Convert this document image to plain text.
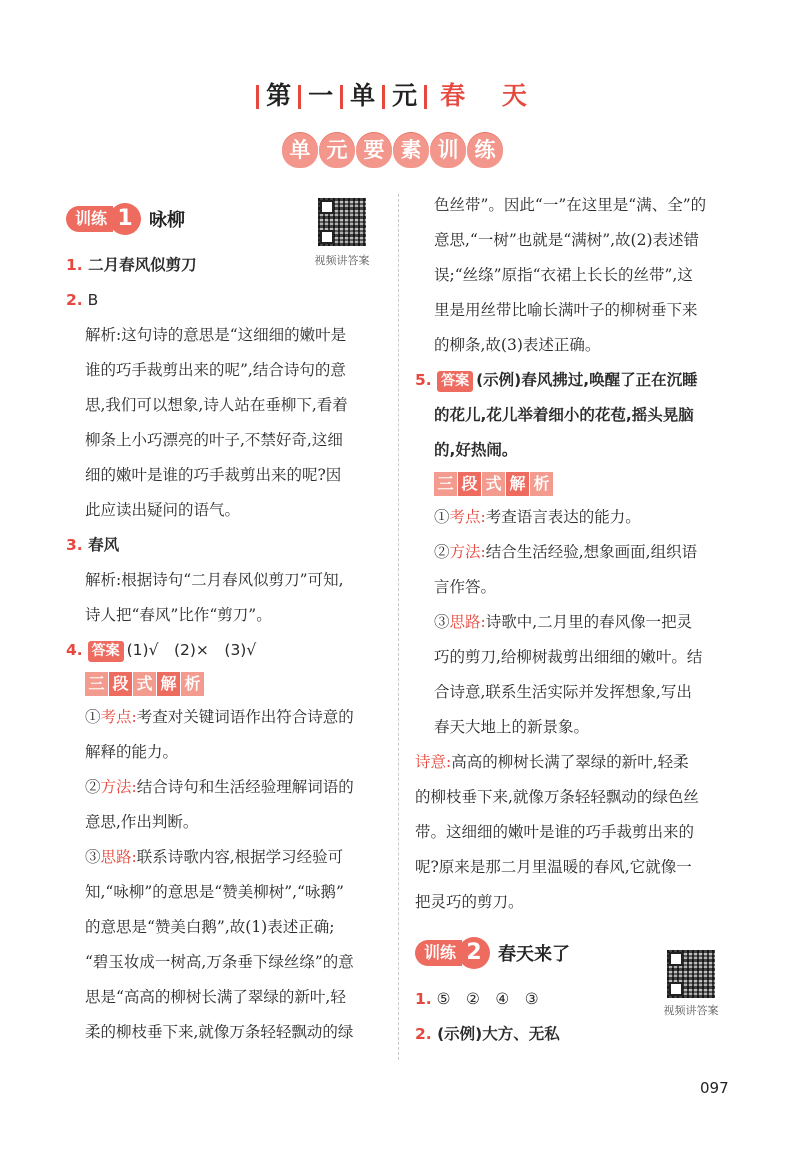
第 一 单 元 春 天
单 元 要 素 训 练
视频讲答案
视频讲答案
训练 1 咏柳

1. 二月春风似剪刀

2. B

解析:这句诗的意思是“这细细的嫩叶是

谁的巧手裁剪出来的呢”,结合诗句的意

思,我们可以想象,诗人站在垂柳下,看着

柳条上小巧漂亮的叶子,不禁好奇,这细

细的嫩叶是谁的巧手裁剪出来的呢?因

此应读出疑问的语气。

3. 春风

解析:根据诗句“二月春风似剪刀”可知,

诗人把“春风”比作“剪刀”。

4. 答案 (1)√　(2)×　(3)√

三 段 式 解 析

①考点:考查对关键词语作出符合诗意的

解释的能力。

②方法:结合诗句和生活经验理解词语的

意思,作出判断。

③思路:联系诗歌内容,根据学习经验可

知,“咏柳”的意思是“赞美柳树”,“咏鹅”

的意思是“赞美白鹅”,故(1)表述正确;

“碧玉妆成一树高,万条垂下绿丝绦”的意

思是“高高的柳树长满了翠绿的新叶,轻

柔的柳枝垂下来,就像万条轻轻飘动的绿

色丝带”。因此“一”在这里是“满、全”的

意思,“一树”也就是“满树”,故(2)表述错

误;“丝绦”原指“衣裙上长长的丝带”,这

里是用丝带比喻长满叶子的柳树垂下来

的柳条,故(3)表述正确。

5. 答案 (示例)春风拂过,唤醒了正在沉睡

的花儿,花儿举着细小的花苞,摇头晃脑

的,好热闹。

三 段 式 解 析

①考点:考查语言表达的能力。

②方法:结合生活经验,想象画面,组织语

言作答。

③思路:诗歌中,二月里的春风像一把灵

巧的剪刀,给柳树裁剪出细细的嫩叶。结

合诗意,联系生活实际并发挥想象,写出

春天大地上的新景象。

诗意:高高的柳树长满了翠绿的新叶,轻柔

的柳枝垂下来,就像万条轻轻飘动的绿色丝

带。这细细的嫩叶是谁的巧手裁剪出来的

呢?原来是那二月里温暖的春风,它就像一

把灵巧的剪刀。

训练 2 春天来了

1. ⑤　②　④　③

2. (示例)大方、无私

097
